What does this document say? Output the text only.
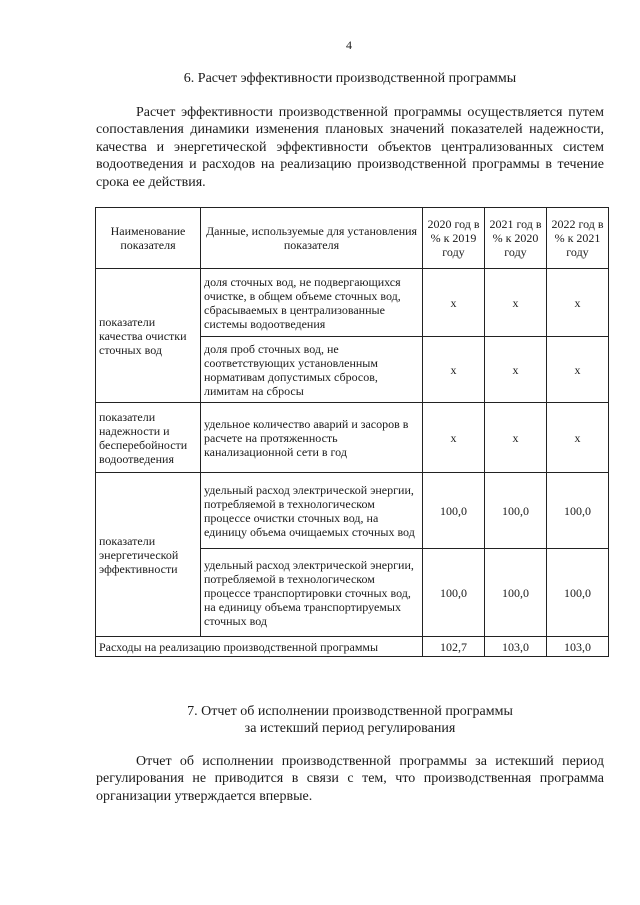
4
6. Расчет эффективности производственной программы
Расчет эффективности производственной программы осуществляется путем сопоставления динамики изменения плановых значений показателей надежности, качества и энергетической эффективности объектов централизованных систем водоотведения и расходов на реализацию производственной программы в течение срока ее действия.
Наименование показателя	Данные, используемые для установления показателя	2020 год в % к 2019 году	2021 год в % к 2020 году	2022 год в % к 2021 году
показатели качества очистки сточных вод	доля сточных вод, не подвергающихся очистке, в общем объеме сточных вод, сбрасываемых в централизованные системы водоотведения	x	x	x
	доля проб сточных вод, не соответствующих установленным нормативам допустимых сбросов, лимитам на сбросы	x	x	x
показатели надежности и бесперебойности водоотведения	удельное количество аварий и засоров в расчете на протяженность канализационной сети в год	x	x	x
показатели энергетической эффективности	удельный расход электрической энергии, потребляемой в технологическом процессе очистки сточных вод, на единицу объема очищаемых сточных вод	100,0	100,0	100,0
	удельный расход электрической энергии, потребляемой в технологическом процессе транспортировки сточных вод, на единицу объема транспортируемых сточных вод	100,0	100,0	100,0
Расходы на реализацию производственной программы		102,7	103,0	103,0
7. Отчет об исполнении производственной программы
за истекший период регулирования
Отчет об исполнении производственной программы за истекший период регулирования не приводится в связи с тем, что производственная программа организации утверждается впервые.
